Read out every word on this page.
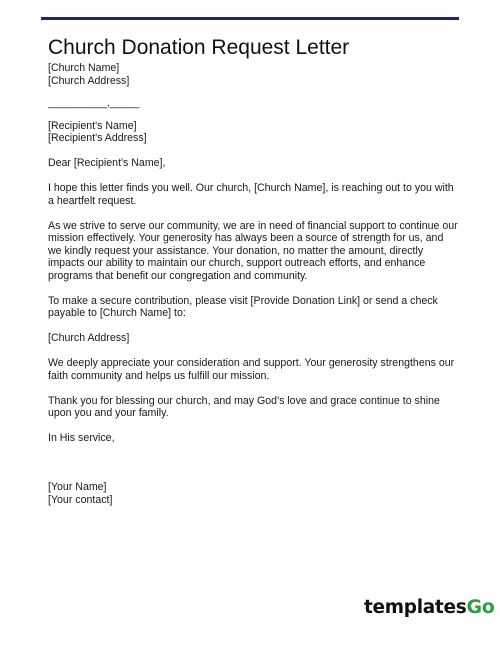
Church Donation Request Letter

[Church Name]

[Church Address]

__________,_____

[Recipient's Name]

[Recipient's Address]

Dear [Recipient's Name],

I hope this letter finds you well. Our church, [Church Name], is reaching out to you with a heartfelt request.

As we strive to serve our community, we are in need of financial support to continue our mission effectively. Your generosity has always been a source of strength for us, and we kindly request your assistance. Your donation, no matter the amount, directly impacts our ability to maintain our church, support outreach efforts, and enhance programs that benefit our congregation and community.

To make a secure contribution, please visit [Provide Donation Link] or send a check payable to [Church Name] to:

[Church Address]

We deeply appreciate your consideration and support. Your generosity strengthens our faith community and helps us fulfill our mission.

Thank you for blessing our church, and may God's love and grace continue to shine upon you and your family.

In His service,

[Your Name]

[Your contact]

templatesGo
